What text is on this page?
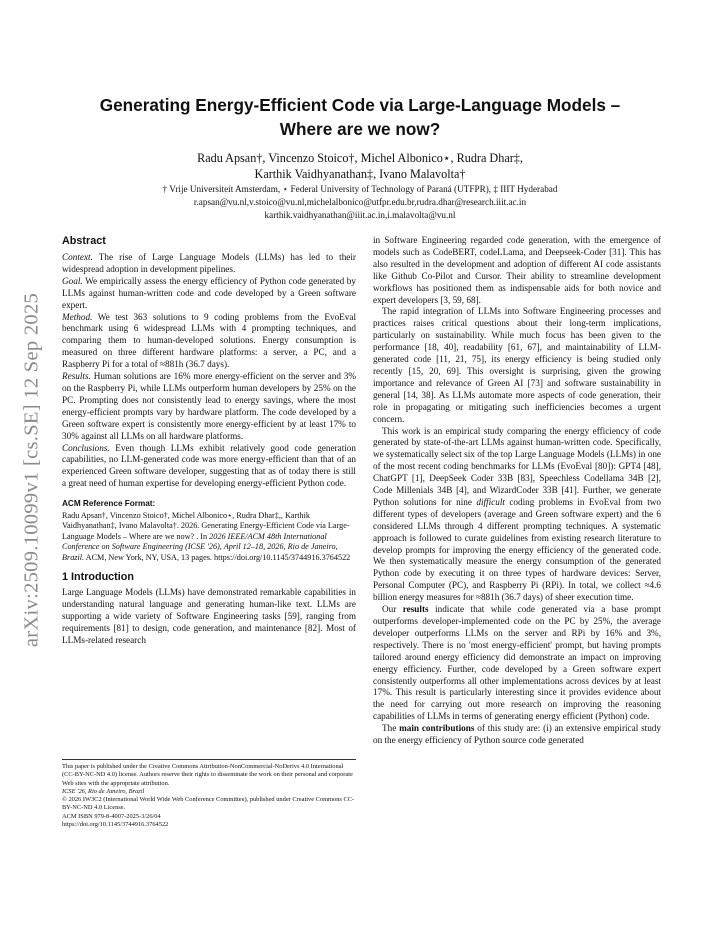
arXiv:2509.10099v1 [cs.SE] 12 Sep 2025
Generating Energy-Efficient Code via Large-Language Models –
Where are we now?
Radu Apsan†, Vincenzo Stoico†, Michel Albonico⋆, Rudra Dhar‡,
Karthik Vaidhyanathan‡, Ivano Malavolta†
† Vrije Universiteit Amsterdam, ⋆ Federal University of Technology of Paraná (UTFPR), ‡ IIIT Hyderabad
r.apsan@vu.nl,v.stoico@vu.nl,michelalbonico@utfpr.edu.br,rudra.dhar@research.iiit.ac.in
karthik.vaidhyanathan@iiit.ac.in,i.malavolta@vu.nl
Abstract

Context. The rise of Large Language Models (LLMs) has led to their widespread adoption in development pipelines.

Goal. We empirically assess the energy efficiency of Python code generated by LLMs against human-written code and code developed by a Green software expert.

Method. We test 363 solutions to 9 coding problems from the EvoEval benchmark using 6 widespread LLMs with 4 prompting techniques, and comparing them to human-developed solutions. Energy consumption is measured on three different hardware platforms: a server, a PC, and a Raspberry Pi for a total of ≈881h (36.7 days).

Results. Human solutions are 16% more energy-efficient on the server and 3% on the Raspberry Pi, while LLMs outperform human developers by 25% on the PC. Prompting does not consistently lead to energy savings, where the most energy-efficient prompts vary by hardware platform. The code developed by a Green software expert is consistently more energy-efficient by at least 17% to 30% against all LLMs on all hardware platforms.

Conclusions. Even though LLMs exhibit relatively good code generation capabilities, no LLM-generated code was more energy-efficient than that of an experienced Green software developer, suggesting that as of today there is still a great need of human expertise for developing energy-efficient Python code.

ACM Reference Format:

Radu Apsan†, Vincenzo Stoico†, Michel Albonico⋆, Rudra Dhar‡,, Karthik Vaidhyanathan‡, Ivano Malavolta†. 2026. Generating Energy-Efficient Code via Large-Language Models – Where are we now? . In 2026 IEEE/ACM 48th International Conference on Software Engineering (ICSE '26), April 12–18, 2026, Rio de Janeiro, Brazil. ACM, New York, NY, USA, 13 pages. https://doi.org/10.1145/3744916.3764522

1 Introduction

Large Language Models (LLMs) have demonstrated remarkable capabilities in understanding natural language and generating human-like text. LLMs are supporting a wide variety of Software Engineering tasks [59], ranging from requirements [81] to design, code generation, and maintenance [82]. Most of LLMs-related research

This paper is published under the Creative Commons Attribution-NonCommercial-NoDerivs 4.0 International (CC-BY-NC-ND 4.0) license. Authors reserve their rights to disseminate the work on their personal and corporate Web sites with the appropriate attribution.

ICSE '26, Rio de Janeiro, Brazil

© 2026 IW3C2 (International World Wide Web Conference Committee), published under Creative Commons CC-BY-NC-ND 4.0 License.

ACM ISBN 979-8-4007-2025-3/26/04

https://doi.org/10.1145/3744916.3764522

in Software Engineering regarded code generation, with the emergence of models such as CodeBERT, codeLLama, and Deepseek-Coder [31]. This has also resulted in the development and adoption of different AI code assistants like Github Co-Pilot and Cursor. Their ability to streamline development workflows has positioned them as indispensable aids for both novice and expert developers [3, 59, 68].

The rapid integration of LLMs into Software Engineering processes and practices raises critical questions about their long-term implications, particularly on sustainability. While much focus has been given to the performance [18, 40], readability [61, 67], and maintainability of LLM-generated code [11, 21, 75], its energy efficiency is being studied only recently [15, 20, 69]. This oversight is surprising, given the growing importance and relevance of Green AI [73] and software sustainability in general [14, 38]. As LLMs automate more aspects of code generation, their role in propagating or mitigating such inefficiencies becomes a urgent concern.

This work is an empirical study comparing the energy efficiency of code generated by state-of-the-art LLMs against human-written code. Specifically, we systematically select six of the top Large Language Models (LLMs) in one of the most recent coding benchmarks for LLMs (EvoEval [80]): GPT4 [48], ChatGPT [1], DeepSeek Coder 33B [83], Speechless Codellama 34B [2], Code Millenials 34B [4], and WizardCoder 33B [41]. Further, we generate Python solutions for nine difficult coding problems in EvoEval from two different types of developers (average and Green software expert) and the 6 considered LLMs through 4 different prompting techniques. A systematic approach is followed to curate guidelines from existing research literature to develop prompts for improving the energy efficiency of the generated code. We then systematically measure the energy consumption of the generated Python code by executing it on three types of hardware devices: Server, Personal Computer (PC), and Raspberry Pi (RPi). In total, we collect ≈4.6 billion energy measures for ≈881h (36.7 days) of sheer execution time.

Our results indicate that while code generated via a base prompt outperforms developer-implemented code on the PC by 25%, the average developer outperforms LLMs on the server and RPi by 16% and 3%, respectively. There is no 'most energy-efficient' prompt, but having prompts tailored around energy efficiency did demonstrate an impact on improving energy efficiency. Further, code developed by a Green software expert consistently outperforms all other implementations across devices by at least 17%. This result is particularly interesting since it provides evidence about the need for carrying out more research on improving the reasoning capabilities of LLMs in terms of generating energy efficient (Python) code.

The main contributions of this study are: (i) an extensive empirical study on the energy efficiency of Python source code generated
